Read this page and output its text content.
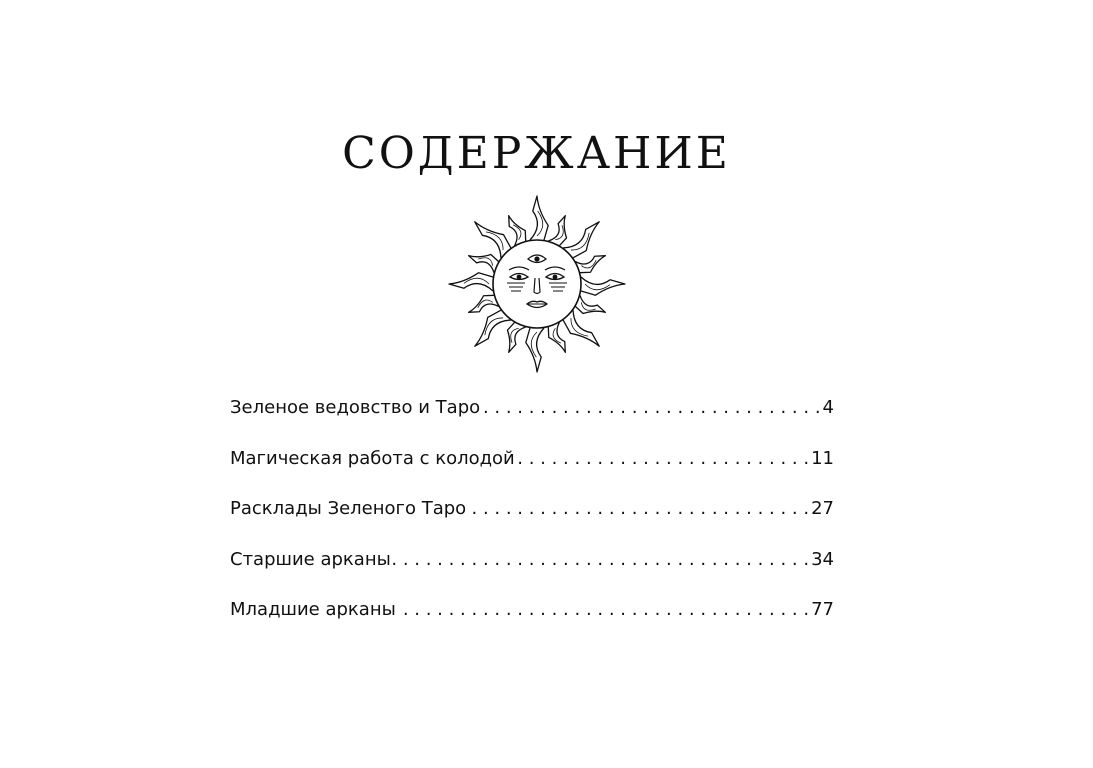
СОДЕРЖАНИЕ
Зеленое ведовство и Таро . . .	4
Магическая работа с колодой . . .	11
Расклады Зеленого Таро . . .	27
Старшие арканы . . .	34
Младшие арканы . . .	77
